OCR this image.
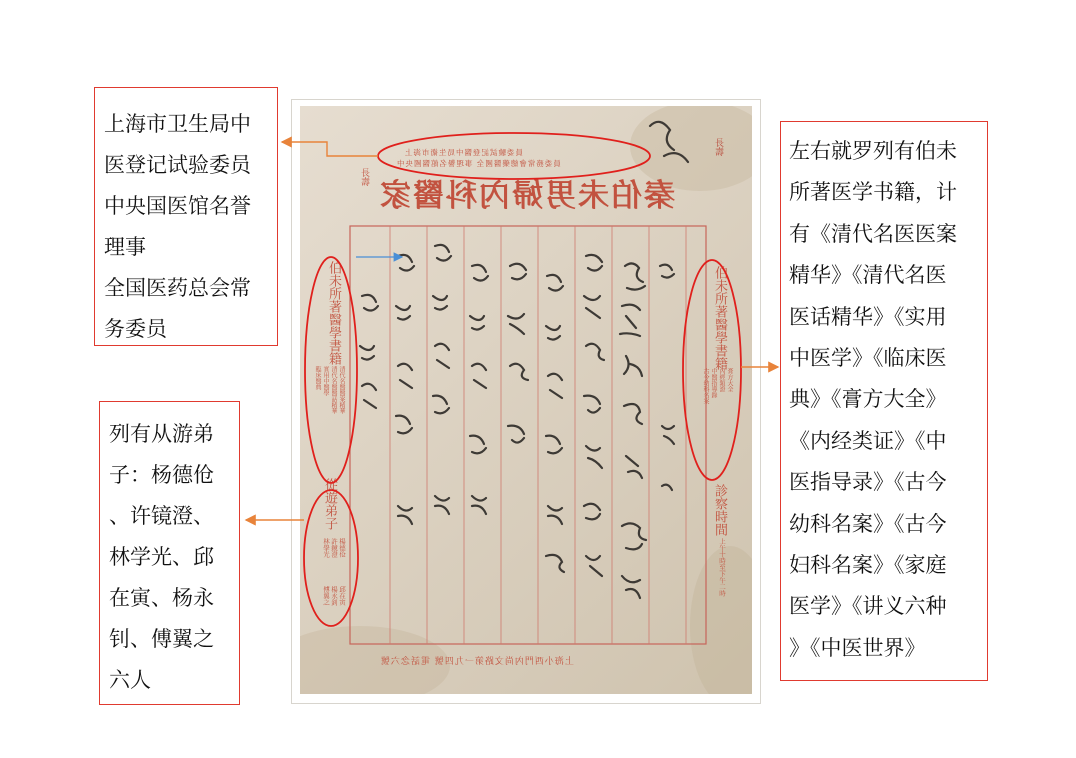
上海市卫生局中
医登记试验委员
中央国医馆名誉
理事
全国医药总会常
务委员
列有从游弟
子：杨德伧
、许镜澄、
林学光、邱
在寅、杨永
钊、傅翼之
六人
左右就罗列有伯未
所著医学书籍，计
有《清代名医医案
精华》《清代名医
医话精华》《实用
中医学》《临床医
典》《膏方大全》
《内经类证》《中
医指导录》《古今
幼科名案》《古今
妇科名案》《家庭
医学》《讲义六种
》《中医世界》
秦伯未男婦內科醫家
員委驗試記登醫中局生衛市海上
員委務常會總藥醫國全 事理譽名館醫國央中
長壽
長壽
伯未所著醫學書籍
清代名醫醫案精華
清代名醫醫話精華
實用中醫學
臨床醫典
從遊弟子
楊德伧
許鏡澄
林學光
邱在寅
楊永釗
傅翼之
伯未所著醫學書籍
膏方大全
內經類證
中醫指導錄
古今幼科名案
診察時間
上午十時至下午二時
上海小西門內尚文路第一九四號 電話念六號
